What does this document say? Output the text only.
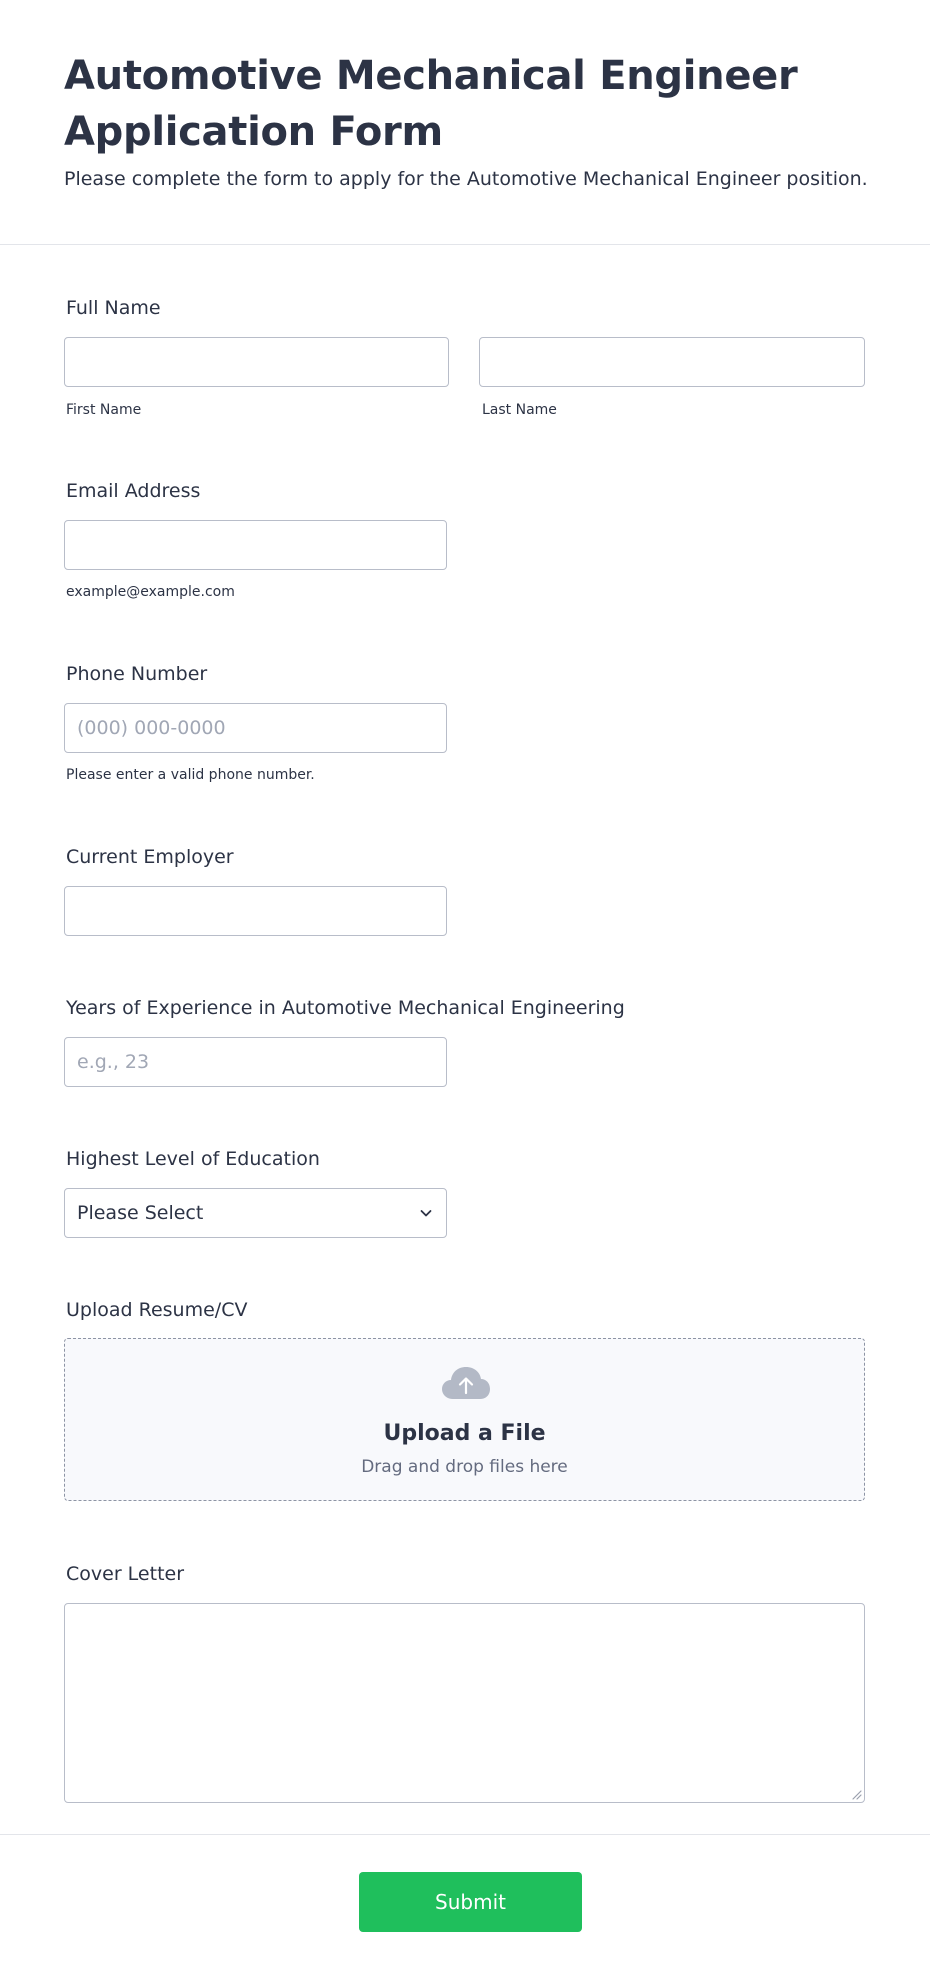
Automotive Mechanical Engineer
Application Form

Please complete the form to apply for the Automotive Mechanical Engineer position.

Full Name
First Name	Last Name
Email Address
example@example.com
Phone Number
(000) 000-0000
Please enter a valid phone number.
Current Employer
Years of Experience in Automotive Mechanical Engineering
e.g., 23
Highest Level of Education
Please Select
Upload Resume/CV
Upload a File
Drag and drop files here
Cover Letter
Submit
